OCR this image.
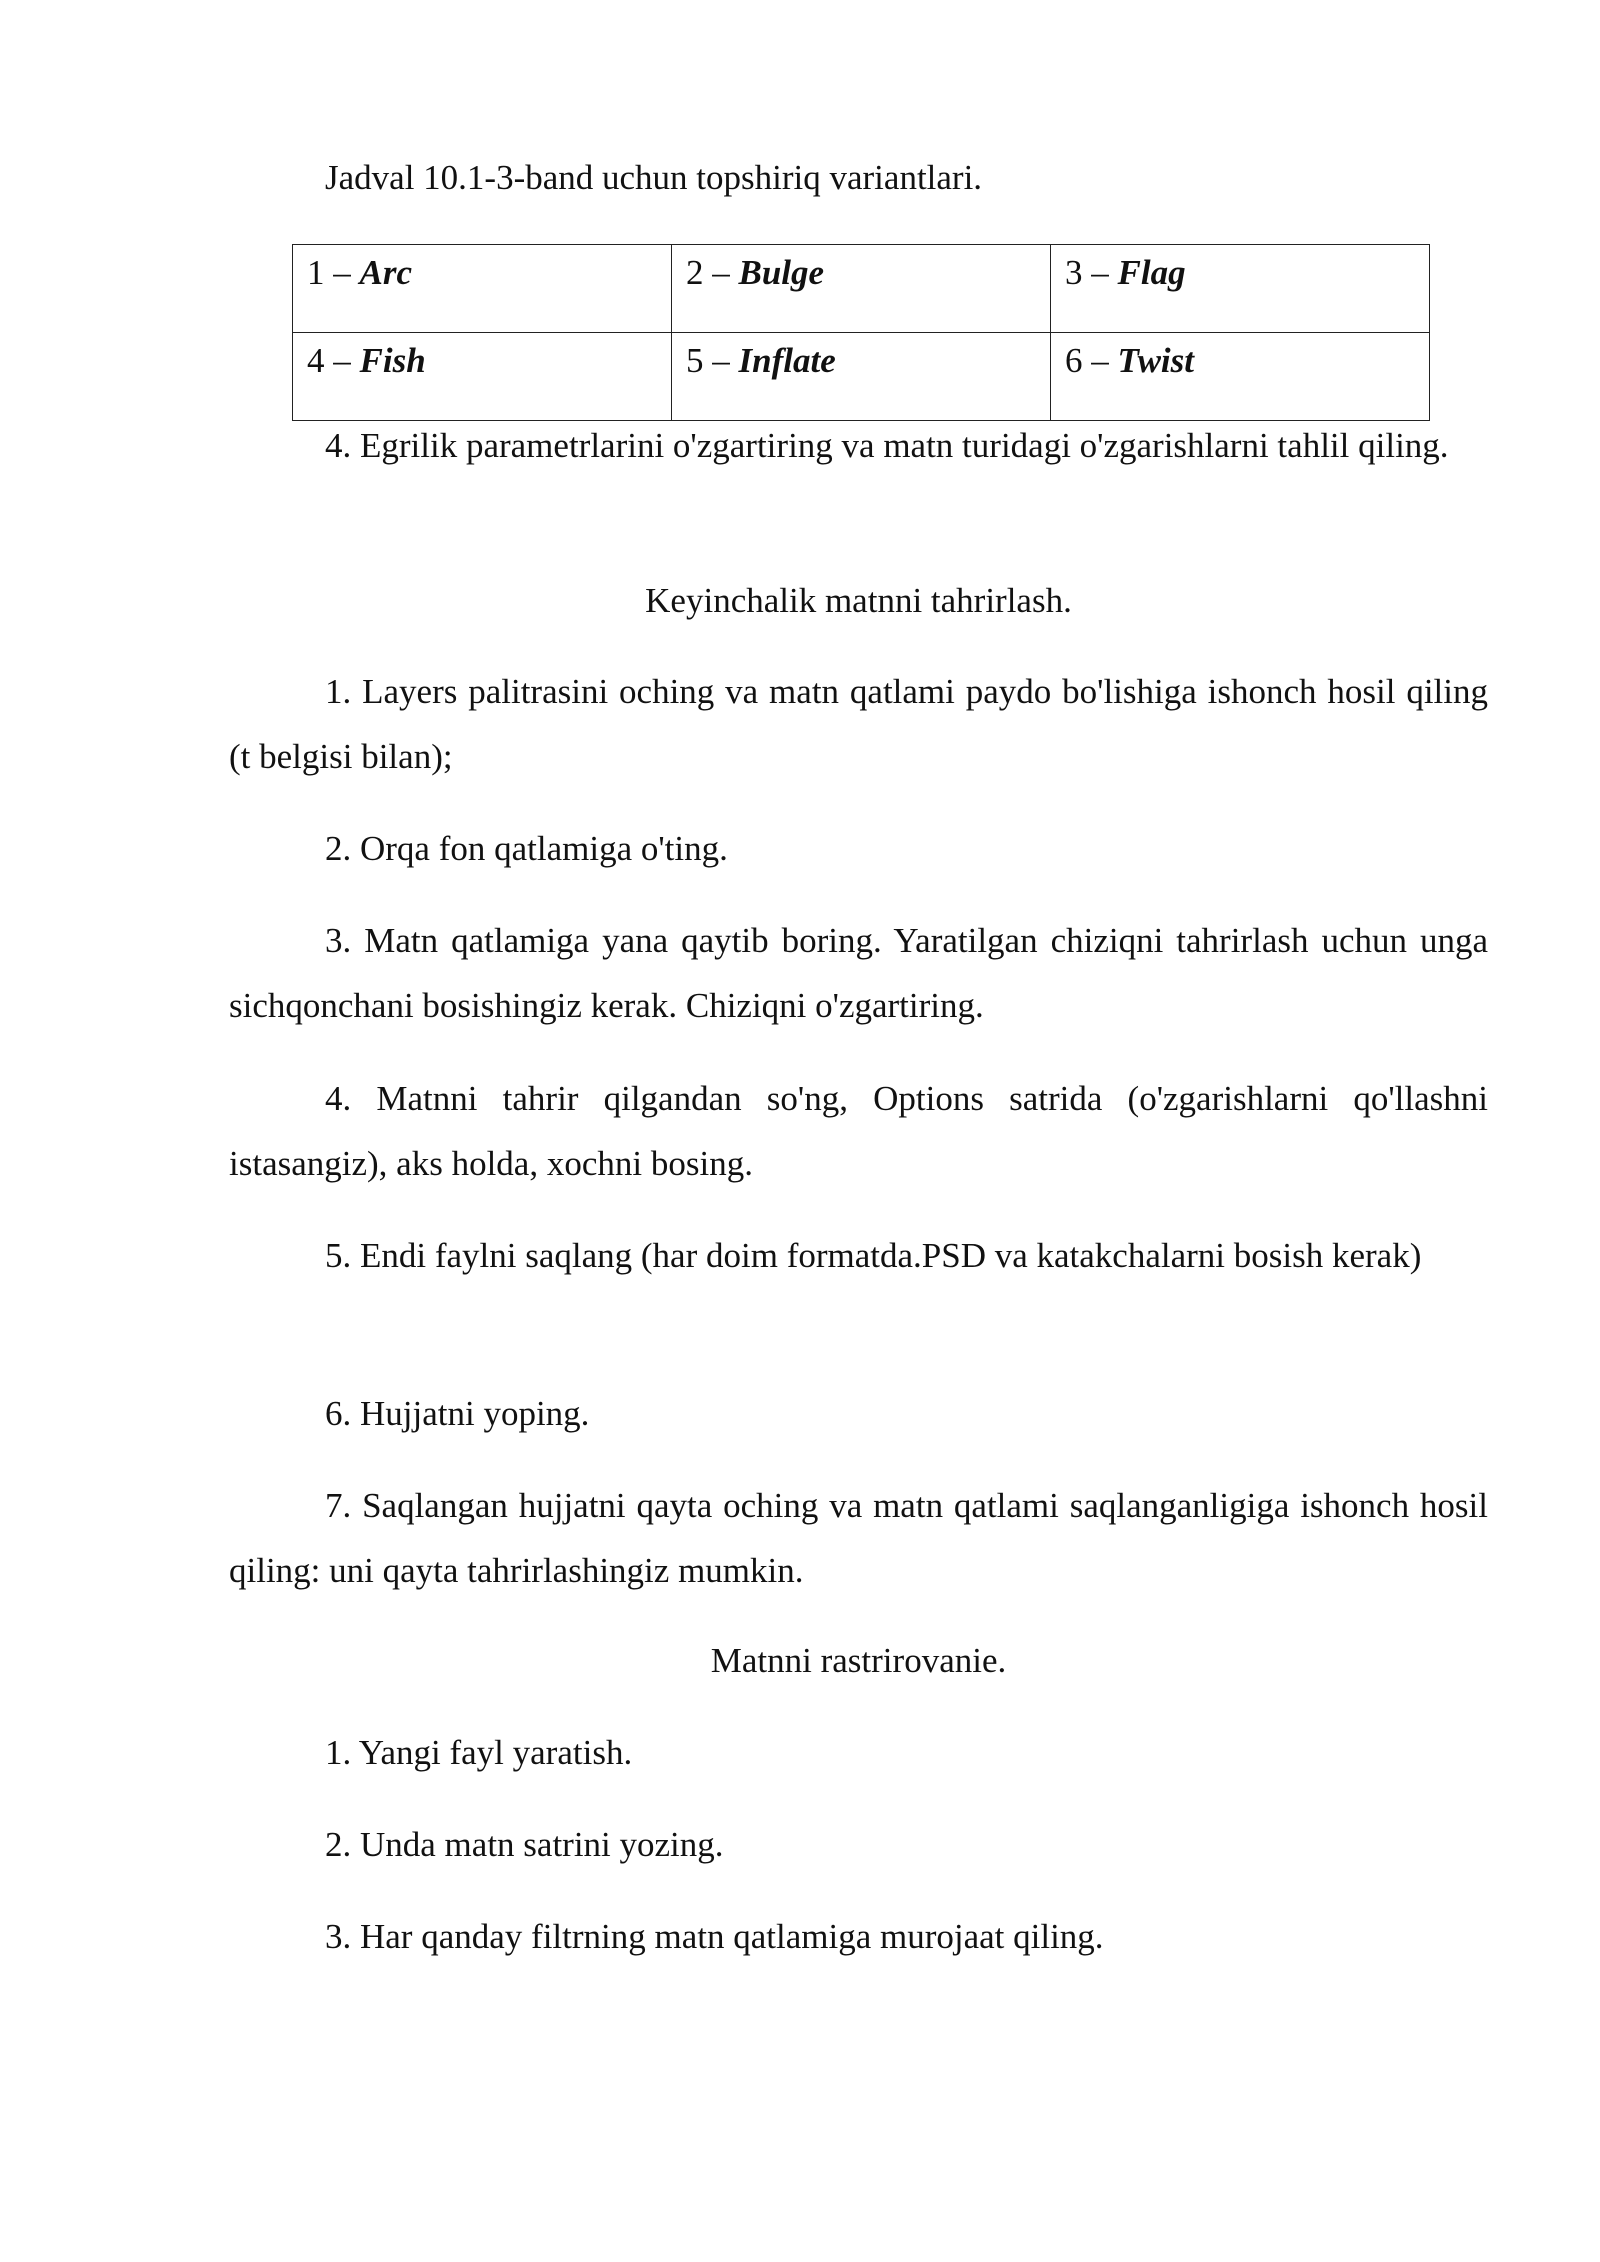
Jadval 10.1-3-band uchun topshiriq variantlari.
1 – Arc	2 – Bulge	3 – Flag
4 – Fish	5 – Inflate	6 – Twist

4. Egrilik parametrlarini o'zgartiring va matn turidagi o'zgarishlarni tahlil qiling.

Keyinchalik matnni tahrirlash.

1. Layers palitrasini oching va matn qatlami paydo bo'lishiga ishonch hosil qiling (t belgisi bilan);

2. Orqa fon qatlamiga o'ting.

3. Matn qatlamiga yana qaytib boring. Yaratilgan chiziqni tahrirlash uchun unga sichqonchani bosishingiz kerak. Chiziqni o'zgartiring.

4. Matnni tahrir qilgandan so'ng, Options satrida (o'zgarishlarni qo'llashni istasangiz), aks holda, xochni bosing.

5. Endi faylni saqlang (har doim formatda.PSD va katakchalarni bosish kerak)

6. Hujjatni yoping.

7. Saqlangan hujjatni qayta oching va matn qatlami saqlanganligiga ishonch hosil qiling: uni qayta tahrirlashingiz mumkin.

Matnni rastrirovanie.

1. Yangi fayl yaratish.

2. Unda matn satrini yozing.

3. Har qanday filtrning matn qatlamiga murojaat qiling.
